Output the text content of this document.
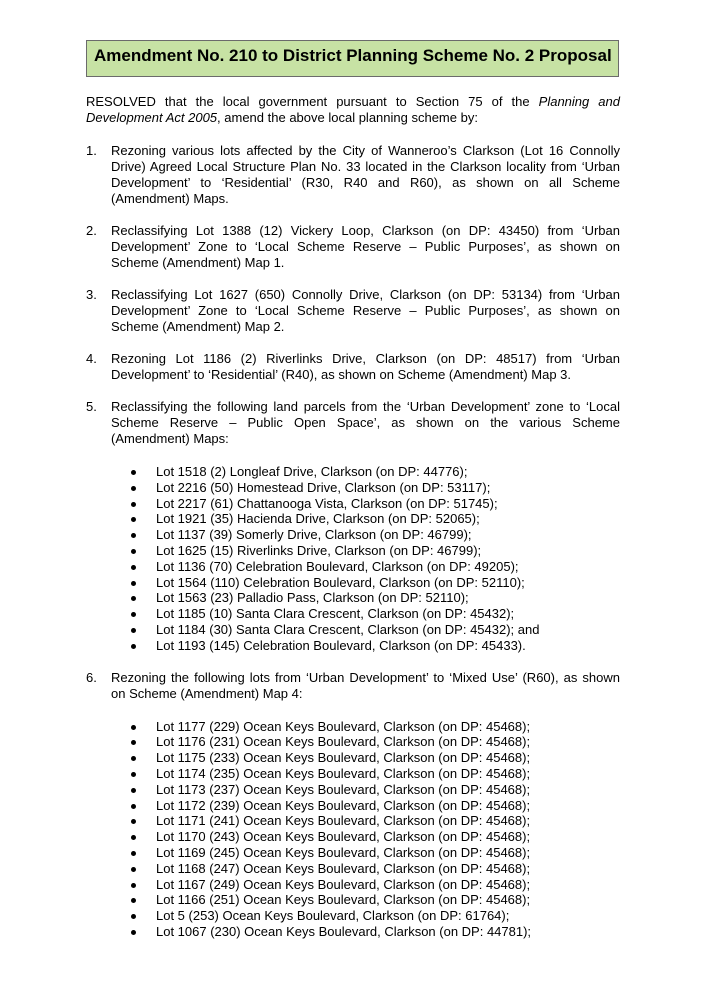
Amendment No. 210 to District Planning Scheme No. 2 Proposal

RESOLVED that the local government pursuant to Section 75 of the Planning and Development Act 2005, amend the above local planning scheme by:

1. Rezoning various lots affected by the City of Wanneroo’s Clarkson (Lot 16 Connolly Drive) Agreed Local Structure Plan No. 33 located in the Clarkson locality from ‘Urban Development’ to ‘Residential’ (R30, R40 and R60), as shown on all Scheme (Amendment) Maps.

2. Reclassifying Lot 1388 (12) Vickery Loop, Clarkson (on DP: 43450) from ‘Urban Development’ Zone to ‘Local Scheme Reserve – Public Purposes’, as shown on Scheme (Amendment) Map 1.

3. Reclassifying Lot 1627 (650) Connolly Drive, Clarkson (on DP: 53134) from ‘Urban Development’ Zone to ‘Local Scheme Reserve – Public Purposes’, as shown on Scheme (Amendment) Map 2.

4. Rezoning Lot 1186 (2) Riverlinks Drive, Clarkson (on DP: 48517) from ‘Urban Development’ to ‘Residential’ (R40), as shown on Scheme (Amendment) Map 3.

5. Reclassifying the following land parcels from the ‘Urban Development’ zone to ‘Local Scheme Reserve – Public Open Space’, as shown on the various Scheme (Amendment) Maps:

Lot 1518 (2) Longleaf Drive, Clarkson (on DP: 44776);
Lot 2216 (50) Homestead Drive, Clarkson (on DP: 53117);
Lot 2217 (61) Chattanooga Vista, Clarkson (on DP: 51745);
Lot 1921 (35) Hacienda Drive, Clarkson (on DP: 52065);
Lot 1137 (39) Somerly Drive, Clarkson (on DP: 46799);
Lot 1625 (15) Riverlinks Drive, Clarkson (on DP: 46799);
Lot 1136 (70) Celebration Boulevard, Clarkson (on DP: 49205);
Lot 1564 (110) Celebration Boulevard, Clarkson (on DP: 52110);
Lot 1563 (23) Palladio Pass, Clarkson (on DP: 52110);
Lot 1185 (10) Santa Clara Crescent, Clarkson (on DP: 45432);
Lot 1184 (30) Santa Clara Crescent, Clarkson (on DP: 45432); and
Lot 1193 (145) Celebration Boulevard, Clarkson (on DP: 45433).
6. Rezoning the following lots from ‘Urban Development’ to ‘Mixed Use’ (R60), as shown on Scheme (Amendment) Map 4:

Lot 1177 (229) Ocean Keys Boulevard, Clarkson (on DP: 45468);
Lot 1176 (231) Ocean Keys Boulevard, Clarkson (on DP: 45468);
Lot 1175 (233) Ocean Keys Boulevard, Clarkson (on DP: 45468);
Lot 1174 (235) Ocean Keys Boulevard, Clarkson (on DP: 45468);
Lot 1173 (237) Ocean Keys Boulevard, Clarkson (on DP: 45468);
Lot 1172 (239) Ocean Keys Boulevard, Clarkson (on DP: 45468);
Lot 1171 (241) Ocean Keys Boulevard, Clarkson (on DP: 45468);
Lot 1170 (243) Ocean Keys Boulevard, Clarkson (on DP: 45468);
Lot 1169 (245) Ocean Keys Boulevard, Clarkson (on DP: 45468);
Lot 1168 (247) Ocean Keys Boulevard, Clarkson (on DP: 45468);
Lot 1167 (249) Ocean Keys Boulevard, Clarkson (on DP: 45468);
Lot 1166 (251) Ocean Keys Boulevard, Clarkson (on DP: 45468);
Lot 5 (253) Ocean Keys Boulevard, Clarkson (on DP: 61764);
Lot 1067 (230) Ocean Keys Boulevard, Clarkson (on DP: 44781);
